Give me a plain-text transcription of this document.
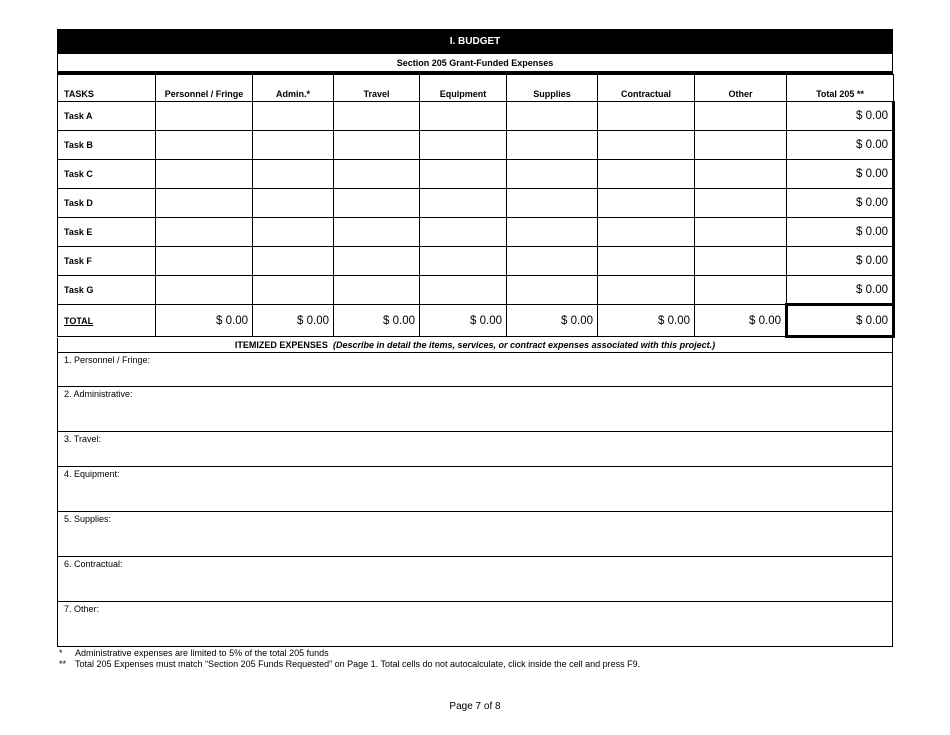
I. BUDGET
Section 205 Grant-Funded Expenses
TASKS	Personnel / Fringe	Admin.*	Travel	Equipment	Supplies	Contractual	Other	Total 205 **
Task A								$ 0.00
Task B								$ 0.00
Task C								$ 0.00
Task D								$ 0.00
Task E								$ 0.00
Task F								$ 0.00
Task G								$ 0.00
TOTAL	$ 0.00	$ 0.00	$ 0.00	$ 0.00	$ 0.00	$ 0.00	$ 0.00	$ 0.00
ITEMIZED EXPENSES (Describe in detail the items, services, or contract expenses associated with this project.)
1. Personnel / Fringe:
2. Administrative:
3. Travel:
4. Equipment:
5. Supplies:
6. Contractual:
7. Other:
*	Administrative expenses are limited to 5% of the total 205 funds
** Total 205 Expenses must match “Section 205 Funds Requested” on Page 1. Total cells do not autocalculate, click inside the cell and press F9.
Page 7 of 8
